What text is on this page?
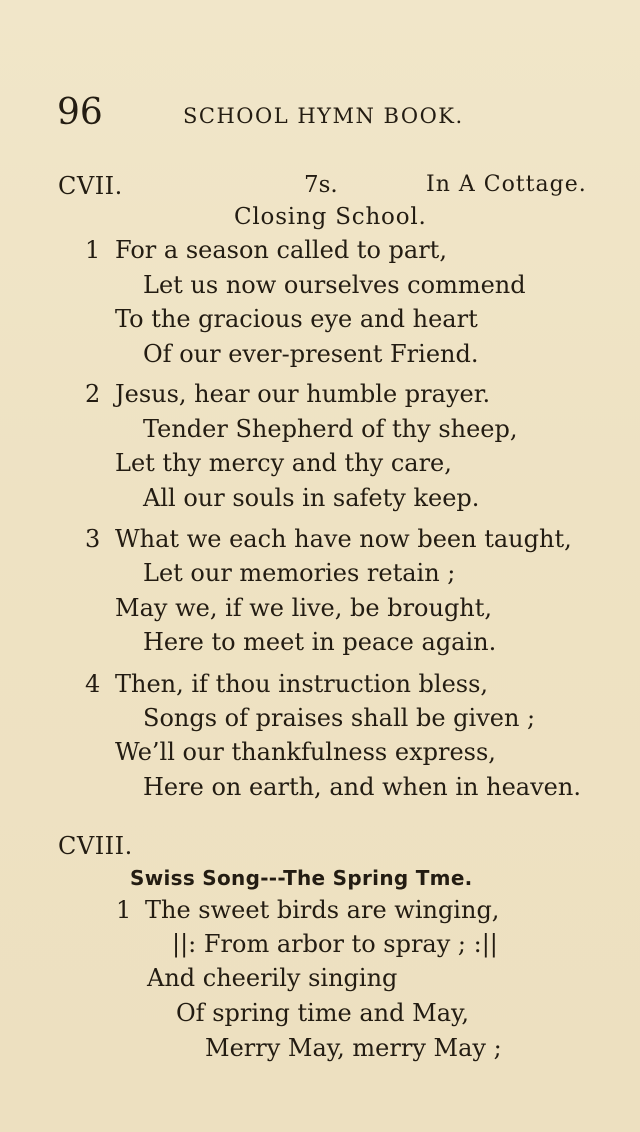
96	SCHOOL HYMN BOOK.
CVII.	7s.	In A Cottage.
Closing School.
1 For a season called to part,
Let us now ourselves commend
To the gracious eye and heart
Of our ever-present Friend.
2 Jesus, hear our humble prayer.
Tender Shepherd of thy sheep,
Let thy mercy and thy care,
All our souls in safety keep.
3 What we each have now been taught,
Let our memories retain ;
May we, if we live, be brought,
Here to meet in peace again.
4 Then, if thou instruction bless,
Songs of praises shall be given ;
We’ll our thankfulness express,
Here on earth, and when in heaven.
CVIII.
Swiss Song---The Spring Tme.
1 The sweet birds are winging,
||: From arbor to spray ; :||
And cheerily singing
Of spring time and May,
Merry May, merry May ;
